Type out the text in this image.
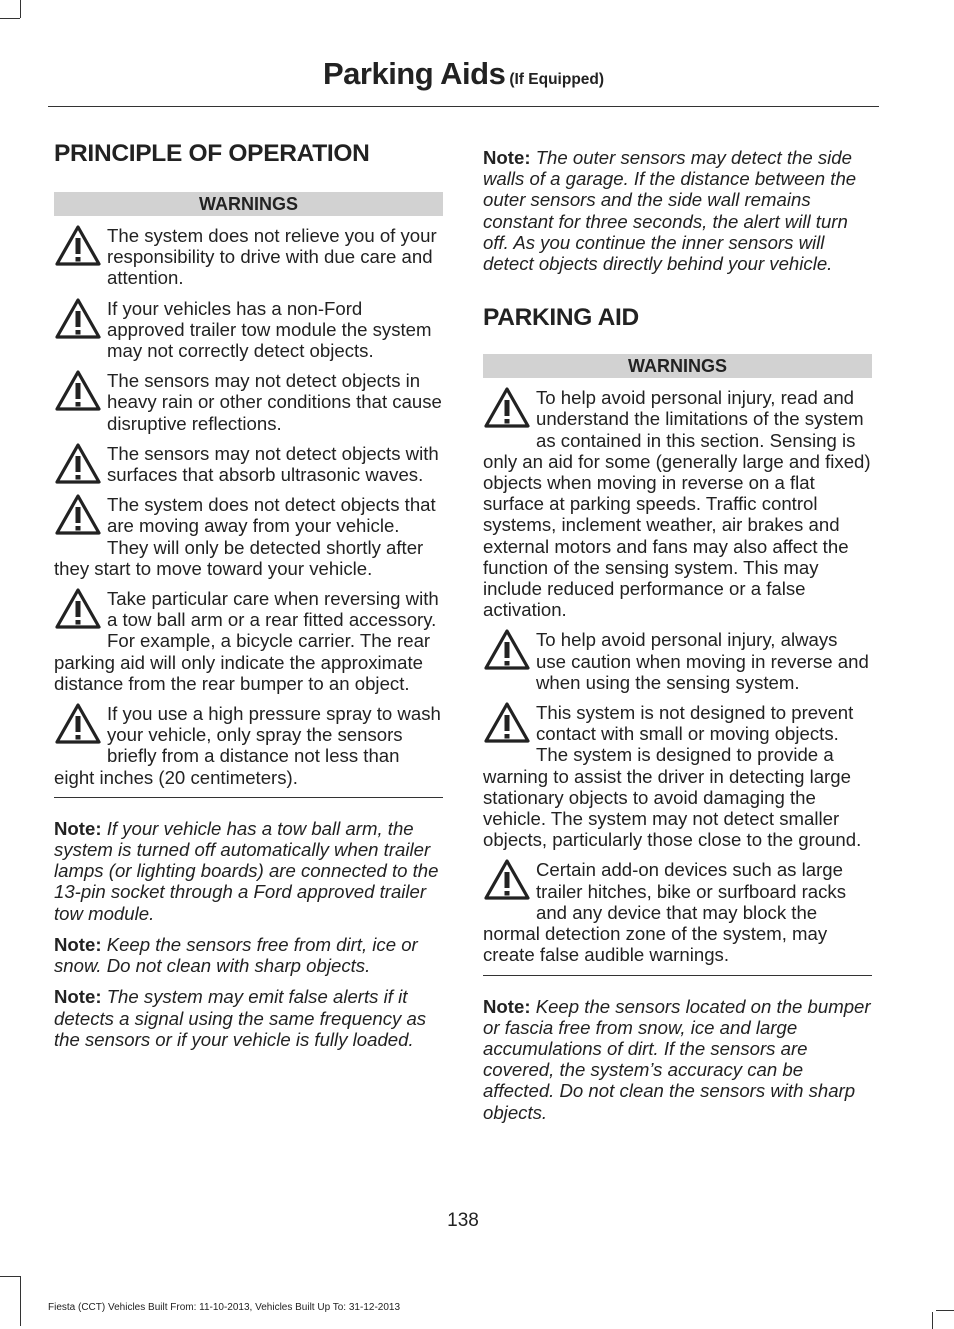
Parking Aids (If Equipped)
PRINCIPLE OF OPERATION
WARNINGS

The system does not relieve you of your responsibility to drive with due care and attention.

If your vehicles has a non-Ford approved trailer tow module the system may not correctly detect objects.

The sensors may not detect objects in heavy rain or other conditions that cause disruptive reflections.

The sensors may not detect objects with surfaces that absorb ultrasonic waves.

The system does not detect objects that are moving away from your vehicle. They will only be detected shortly after they start to move toward your vehicle.

Take particular care when reversing with a tow ball arm or a rear fitted accessory. For example, a bicycle carrier. The rear parking aid will only indicate the approximate distance from the rear bumper to an object.

If you use a high pressure spray to wash your vehicle, only spray the sensors briefly from a distance not less than eight inches (20 centimeters).

Note: If your vehicle has a tow ball arm, the system is turned off automatically when trailer lamps (or lighting boards) are connected to the 13-pin socket through a Ford approved trailer tow module.

Note: Keep the sensors free from dirt, ice or snow. Do not clean with sharp objects.

Note: The system may emit false alerts if it detects a signal using the same frequency as the sensors or if your vehicle is fully loaded.

Note: The outer sensors may detect the side walls of a garage. If the distance between the outer sensors and the side wall remains constant for three seconds, the alert will turn off. As you continue the inner sensors will detect objects directly behind your vehicle.

PARKING AID
WARNINGS

To help avoid personal injury, read and understand the limitations of the system as contained in this section. Sensing is only an aid for some (generally large and fixed) objects when moving in reverse on a flat surface at parking speeds. Traffic control systems, inclement weather, air brakes and external motors and fans may also affect the function of the sensing system. This may include reduced performance or a false activation.

To help avoid personal injury, always use caution when moving in reverse and when using the sensing system.

This system is not designed to prevent contact with small or moving objects. The system is designed to provide a warning to assist the driver in detecting large stationary objects to avoid damaging the vehicle. The system may not detect smaller objects, particularly those close to the ground.

Certain add-on devices such as large trailer hitches, bike or surfboard racks and any device that may block the normal detection zone of the system, may create false audible warnings.

Note: Keep the sensors located on the bumper or fascia free from snow, ice and large accumulations of dirt. If the sensors are covered, the system’s accuracy can be affected. Do not clean the sensors with sharp objects.

138
Fiesta (CCT) Vehicles Built From: 11-10-2013, Vehicles Built Up To: 31-12-2013
